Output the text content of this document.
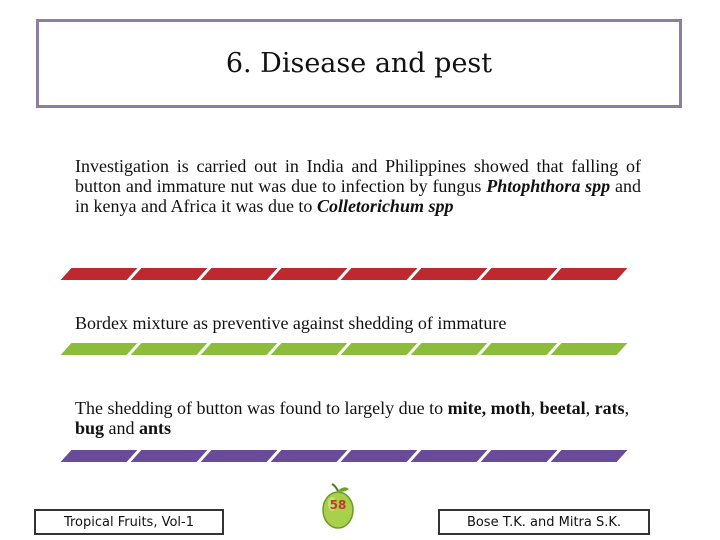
6. Disease and pest

Investigation is carried out in India and Philippines showed that falling of button and immature nut was due to infection by fungus Phtophthora spp and in kenya and Africa it was due to Colletorichum spp

Bordex mixture as preventive against shedding of immature

The shedding of button was found to largely due to mite, moth, beetal, rats, bug and ants

Tropical Fruits, Vol-1
58
Bose T.K. and Mitra S.K.
